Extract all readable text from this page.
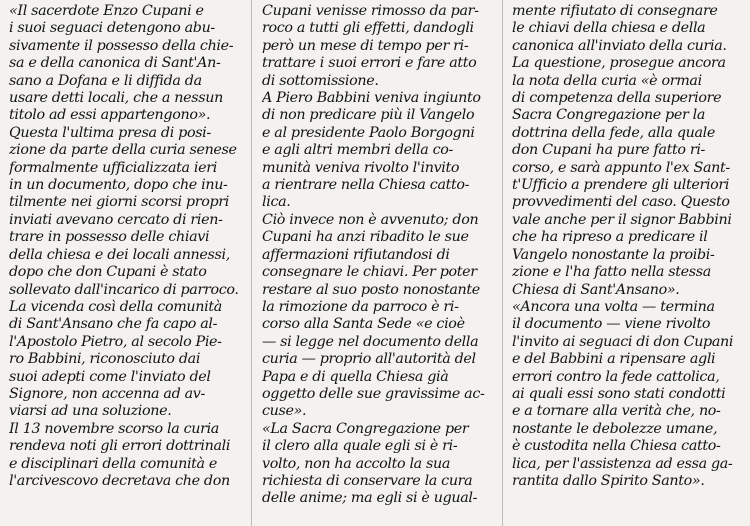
«Il sacerdote Enzo Cupani e
i suoi seguaci detengono abu-
sivamente il possesso della chie-
sa e della canonica di Sant'An-
sano a Dofana e li diffida da
usare detti locali, che a nessun
titolo ad essi appartengono».
Questa l'ultima presa di posi-
zione da parte della curia senese
formalmente ufficializzata ieri
in un documento, dopo che inu-
tilmente nei giorni scorsi propri
inviati avevano cercato di rien-
trare in possesso delle chiavi
della chiesa e dei locali annessi,
dopo che don Cupani è stato
sollevato dall'incarico di parroco.
La vicenda così della comunità
di Sant'Ansano che fa capo al-
l'Apostolo Pietro, al secolo Pie-
ro Babbini, riconosciuto dai
suoi adepti come l'inviato del
Signore, non accenna ad av-
viarsi ad una soluzione.
Il 13 novembre scorso la curia
rendeva noti gli errori dottrinali
e disciplinari della comunità e
l'arcivescovo decretava che don
Cupani venisse rimosso da par-
roco a tutti gli effetti, dandogli
però un mese di tempo per ri-
trattare i suoi errori e fare atto
di sottomissione.
A Piero Babbini veniva ingiunto
di non predicare più il Vangelo
e al presidente Paolo Borgogni
e agli altri membri della co-
munità veniva rivolto l'invito
a rientrare nella Chiesa catto-
lica.
Ciò invece non è avvenuto; don
Cupani ha anzi ribadito le sue
affermazioni rifiutandosi di
consegnare le chiavi. Per poter
restare al suo posto nonostante
la rimozione da parroco è ri-
corso alla Santa Sede «e cioè
— si legge nel documento della
curia — proprio all'autorità del
Papa e di quella Chiesa già
oggetto delle sue gravissime ac-
cuse».
«La Sacra Congregazione per
il clero alla quale egli si è ri-
volto, non ha accolto la sua
richiesta di conservare la cura
delle anime; ma egli si è ugual-
mente rifiutato di consegnare
le chiavi della chiesa e della
canonica all'inviato della curia.
La questione, prosegue ancora
la nota della curia «è ormai
di competenza della superiore
Sacra Congregazione per la
dottrina della fede, alla quale
don Cupani ha pure fatto ri-
corso, e sarà appunto l'ex Sant-
t'Ufficio a prendere gli ulteriori
provvedimenti del caso. Questo
vale anche per il signor Babbini
che ha ripreso a predicare il
Vangelo nonostante la proibi-
zione e l'ha fatto nella stessa
Chiesa di Sant'Ansano».
«Ancora una volta — termina
il documento — viene rivolto
l'invito ai seguaci di don Cupani
e del Babbini a ripensare agli
errori contro la fede cattolica,
ai quali essi sono stati condotti
e a tornare alla verità che, no-
nostante le debolezze umane,
è custodita nella Chiesa catto-
lica, per l'assistenza ad essa ga-
rantita dallo Spirito Santo».
